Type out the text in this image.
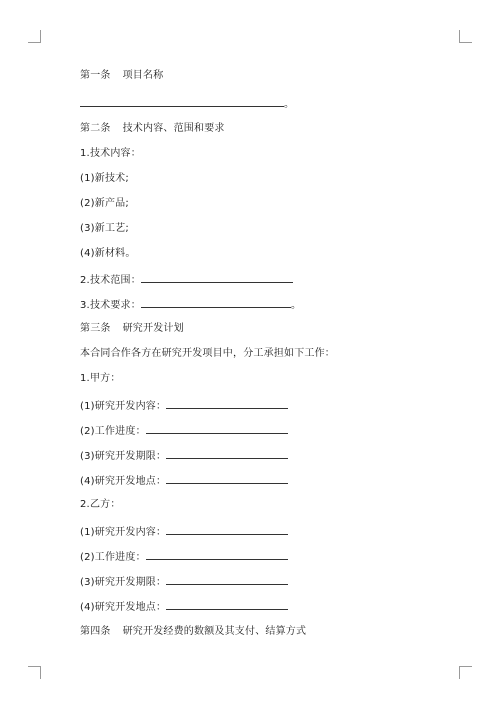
第一条 项目名称
。
第二条 技术内容、范围和要求
1.技术内容：
(1)新技术;
(2)新产品;
(3)新工艺;
(4)新材料。
2.技术范围：
3.技术要求：	。
第三条 研究开发计划
本合同合作各方在研究开发项目中，分工承担如下工作：
1.甲方：
(1)研究开发内容：
(2)工作进度：
(3)研究开发期限：
(4)研究开发地点：
2.乙方：
(1)研究开发内容：
(2)工作进度：
(3)研究开发期限：
(4)研究开发地点：
第四条 研究开发经费的数额及其支付、结算方式
